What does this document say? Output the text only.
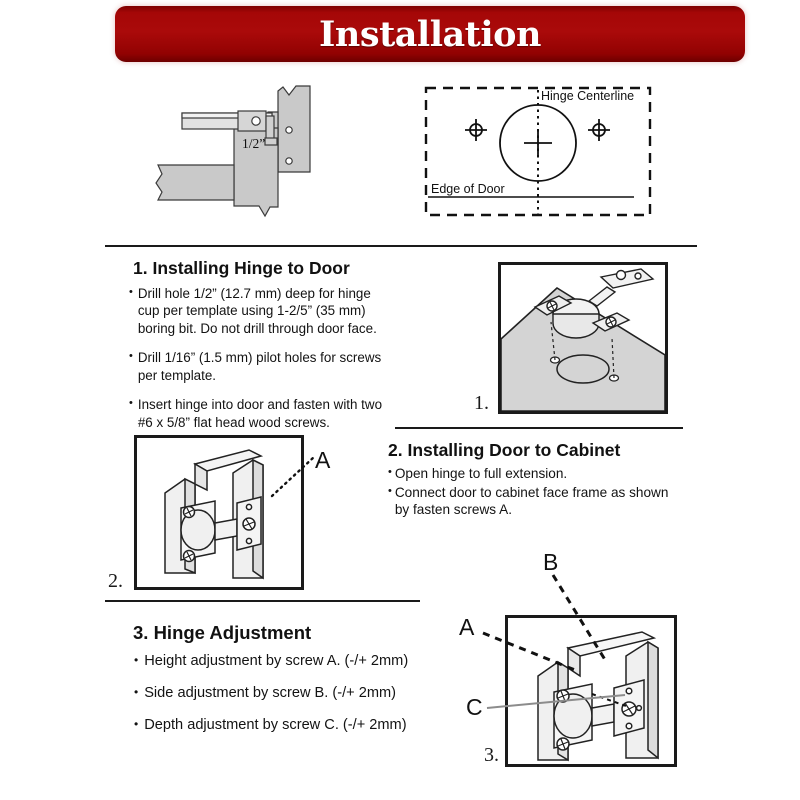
Installation
1/2”
Hinge Centerline
Edge of Door
1. Installing Hinge to Door
• Drill hole 1/2” (12.7 mm) deep for hinge cup per template using 1-2/5” (35 mm) boring bit. Do not drill through door face.
• Drill 1/16” (1.5 mm) pilot holes for screws per template.
• Insert hinge into door and fasten with two #6 x 5/8” flat head wood screws.
1.
2.
A	2. Installing Door to Cabinet
• Open hinge to full extension.
• Connect door to cabinet face frame as shown by fasten screws A.
3. Hinge Adjustment
• Height adjustment by screw A. (-/+ 2mm)
• Side adjustment by screw B. (-/+ 2mm)
• Depth adjustment by screw C. (-/+ 2mm)
3.
B
A
C
